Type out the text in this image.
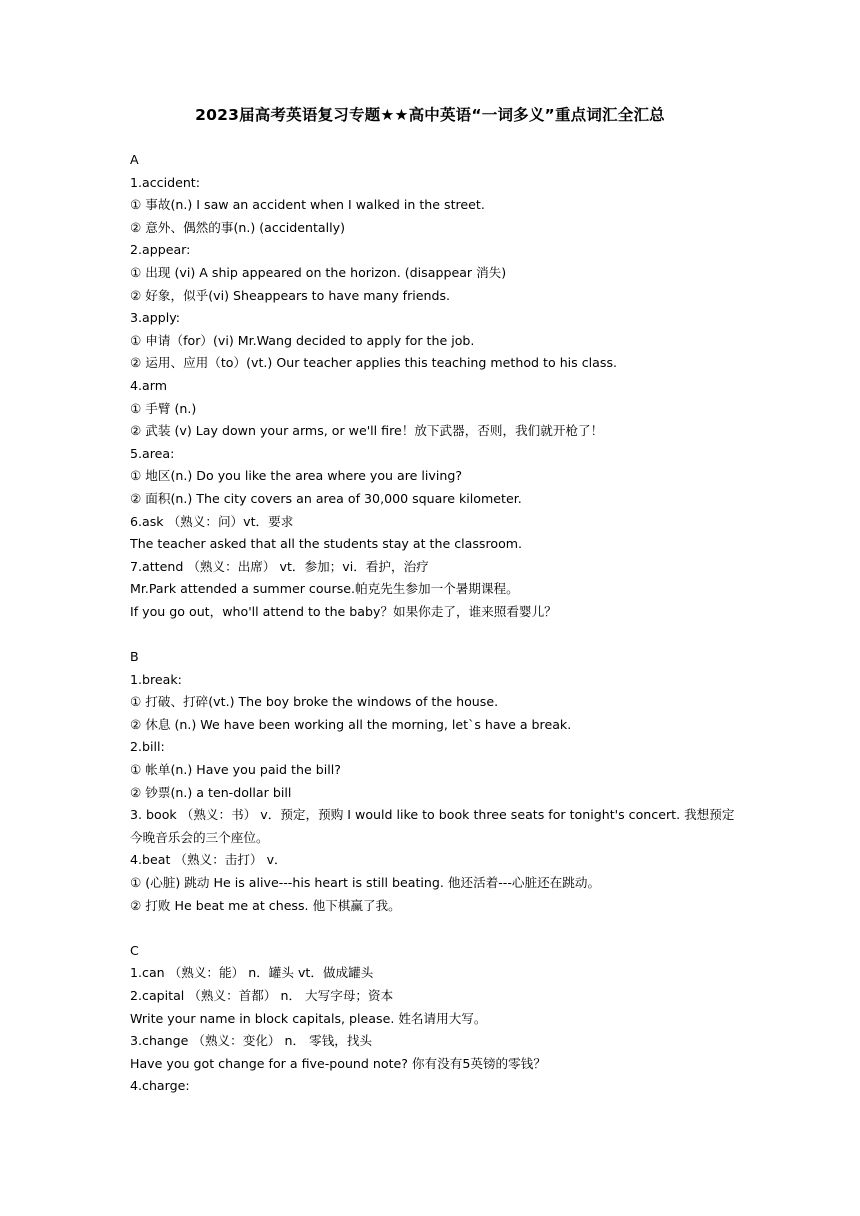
2023届高考英语复习专题★★高中英语“一词多义”重点词汇全汇总
A
1.accident:
① 事故(n.) I saw an accident when I walked in the street.
② 意外、偶然的事(n.) (accidentally)
2.appear:
① 出现 (vi) A ship appeared on the horizon. (disappear 消失)
② 好象，似乎(vi) Sheappears to have many friends.
3.apply:
① 申请（for）(vi) Mr.Wang decided to apply for the job.
② 运用、应用（to）(vt.) Our teacher applies this teaching method to his class.
4.arm
① 手臂 (n.)
② 武装 (v) Lay down your arms, or we'll fire！放下武器，否则，我们就开枪了！
5.area:
① 地区(n.) Do you like the area where you are living?
② 面积(n.) The city covers an area of 30,000 square kilometer.
6.ask （熟义：问）vt．要求
The teacher asked that all the students stay at the classroom.
7.attend （熟义：出席） vt．参加；vi．看护，治疗
Mr.Park attended a summer course.帕克先生参加一个暑期课程。
If you go out，who'll attend to the baby？如果你走了，谁来照看婴儿？
B
1.break:
① 打破、打碎(vt.) The boy broke the windows of the house.
② 休息 (n.) We have been working all the morning, let`s have a break.
2.bill:
① 帐单(n.) Have you paid the bill?
② 钞票(n.) a ten-dollar bill
3. book （熟义：书） v．预定，预购 I would like to book three seats for tonight's concert. 我想预定今晚音乐会的三个座位。
4.beat （熟义：击打） v．
① (心脏) 跳动 He is alive---his heart is still beating. 他还活着---心脏还在跳动。
② 打败 He beat me at chess. 他下棋赢了我。
C
1.can （熟义：能） n．罐头 vt．做成罐头
2.capital （熟义：首都） n． 大写字母；资本
Write your name in block capitals, please. 姓名请用大写。
3.change （熟义：变化） n． 零钱，找头
Have you got change for a five-pound note? 你有没有5英镑的零钱？
4.charge:
